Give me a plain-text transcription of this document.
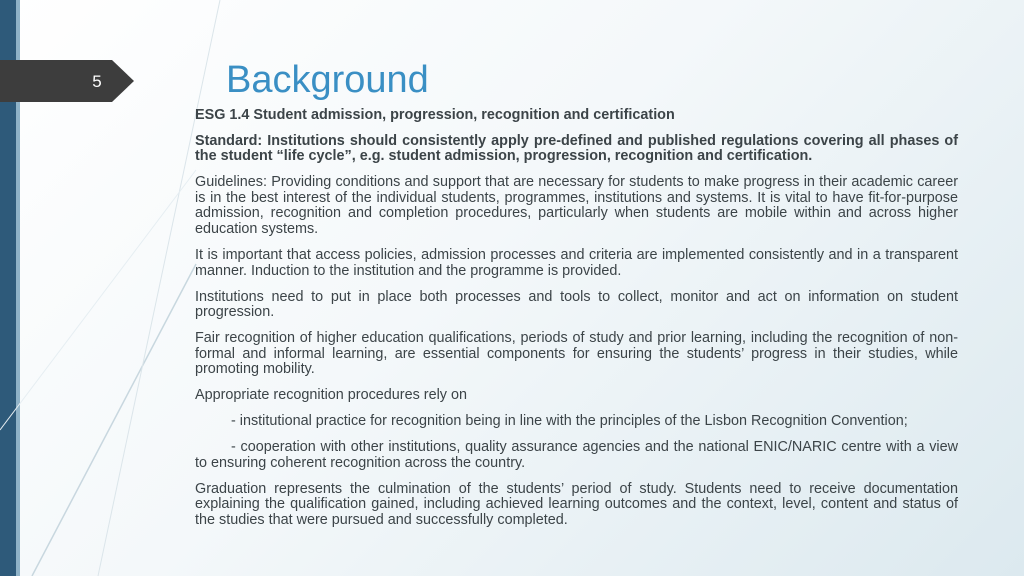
5	Background

ESG 1.4 Student admission, progression, recognition and certification

Standard: Institutions should consistently apply pre-defined and published regulations covering all phases of the student “life cycle”, e.g. student admission, progression, recognition and certification.

Guidelines: Providing conditions and support that are necessary for students to make progress in their academic career is in the best interest of the individual students, programmes, institutions and systems. It is vital to have fit-for-purpose admission, recognition and completion procedures, particularly when students are mobile within and across higher education systems.

It is important that access policies, admission processes and criteria are implemented consistently and in a transparent manner. Induction to the institution and the programme is provided.

Institutions need to put in place both processes and tools to collect, monitor and act on information on student progression.

Fair recognition of higher education qualifications, periods of study and prior learning, including the recognition of non-formal and informal learning, are essential components for ensuring the students’ progress in their studies, while promoting mobility.

Appropriate recognition procedures rely on

- institutional practice for recognition being in line with the principles of the Lisbon Recognition Convention;

- cooperation with other institutions, quality assurance agencies and the national ENIC/NARIC centre with a view to ensuring coherent recognition across the country.

Graduation represents the culmination of the students’ period of study. Students need to receive documentation explaining the qualification gained, including achieved learning outcomes and the context, level, content and status of the studies that were pursued and successfully completed.
